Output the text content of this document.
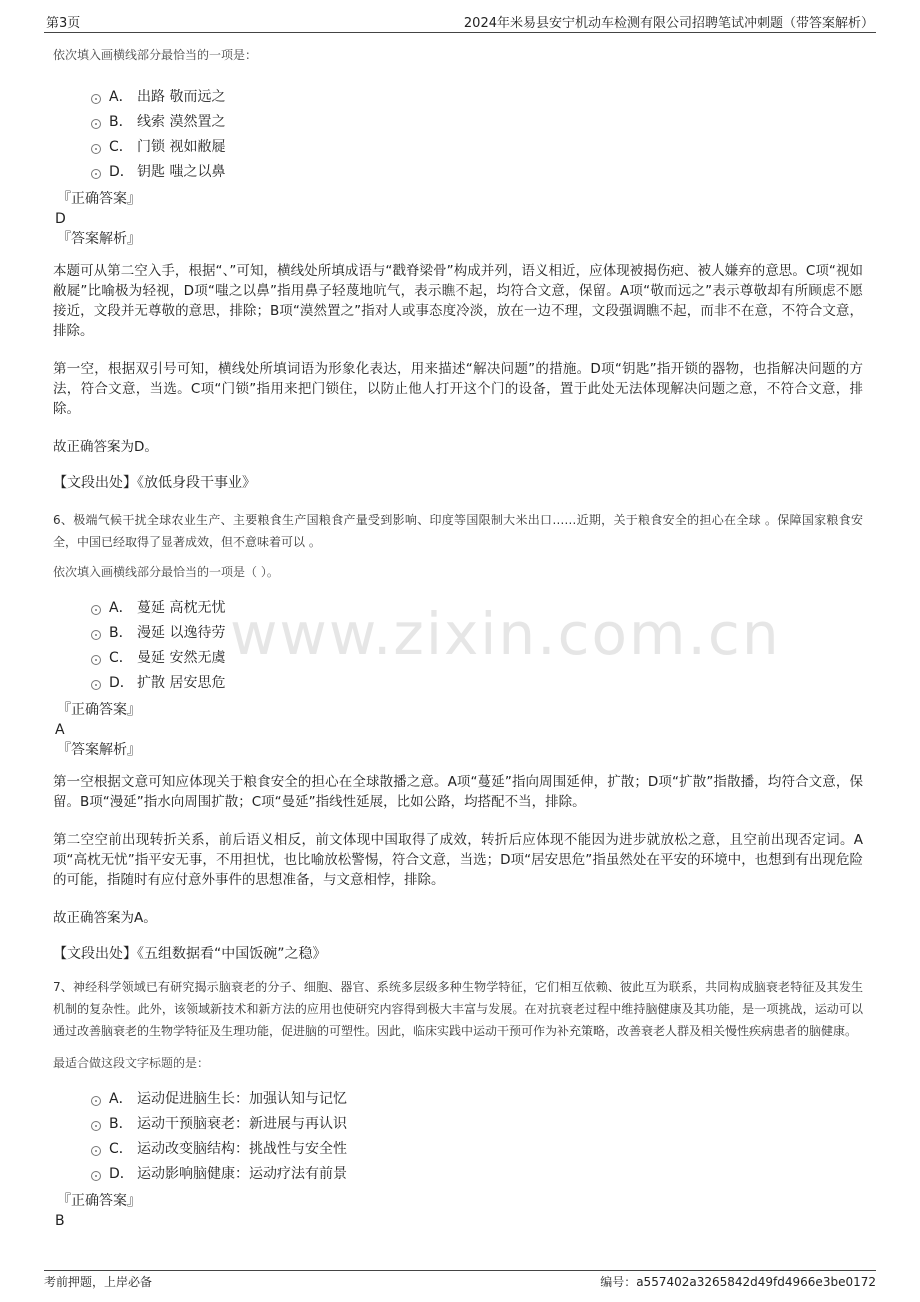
第3页	2024年米易县安宁机动车检测有限公司招聘笔试冲刺题（带答案解析）
www.zixin.com.cn
依次填入画横线部分最恰当的一项是：
A． 出路 敬而远之
B． 线索 漠然置之
C． 门锁 视如敝屣
D． 钥匙 嗤之以鼻
『正确答案』
D
『答案解析』
本题可从第二空入手，根据“、”可知，横线处所填成语与“戳脊梁骨”构成并列，语义相近，应体现被揭伤疤、被人嫌弃的意思。C项“视如敝屣”比喻极为轻视，D项“嗤之以鼻”指用鼻子轻蔑地吭气，表示瞧不起，均符合文意，保留。A项“敬而远之”表示尊敬却有所顾虑不愿接近，文段并无尊敬的意思，排除；B项“漠然置之”指对人或事态度冷淡，放在一边不理，文段强调瞧不起，而非不在意，不符合文意，排除。
第一空，根据双引号可知，横线处所填词语为形象化表达，用来描述“解决问题”的措施。D项“钥匙”指开锁的器物，也指解决问题的方法，符合文意，当选。C项“门锁”指用来把门锁住，以防止他人打开这个门的设备，置于此处无法体现解决问题之意，不符合文意，排除。
故正确答案为D。
【文段出处】《放低身段干事业》
6、极端气候干扰全球农业生产、主要粮食生产国粮食产量受到影响、印度等国限制大米出口……近期，关于粮食安全的担心在全球 。保障国家粮食安全，中国已经取得了显著成效，但不意味着可以 。
依次填入画横线部分最恰当的一项是（ ）。
A． 蔓延 高枕无忧
B． 漫延 以逸待劳
C． 曼延 安然无虞
D． 扩散 居安思危
『正确答案』
A
『答案解析』
第一空根据文意可知应体现关于粮食安全的担心在全球散播之意。A项“蔓延”指向周围延伸，扩散；D项“扩散”指散播，均符合文意，保留。B项“漫延”指水向周围扩散；C项“曼延”指线性延展，比如公路，均搭配不当，排除。
第二空空前出现转折关系，前后语义相反，前文体现中国取得了成效，转折后应体现不能因为进步就放松之意，且空前出现否定词。A项“高枕无忧”指平安无事，不用担忧，也比喻放松警惕，符合文意，当选；D项“居安思危”指虽然处在平安的环境中，也想到有出现危险的可能，指随时有应付意外事件的思想准备，与文意相悖，排除。
故正确答案为A。
【文段出处】《五组数据看“中国饭碗”之稳》
7、神经科学领域已有研究揭示脑衰老的分子、细胞、器官、系统多层级多种生物学特征，它们相互依赖、彼此互为联系，共同构成脑衰老特征及其发生机制的复杂性。此外，该领域新技术和新方法的应用也使研究内容得到极大丰富与发展。在对抗衰老过程中维持脑健康及其功能，是一项挑战，运动可以通过改善脑衰老的生物学特征及生理功能，促进脑的可塑性。因此，临床实践中运动干预可作为补充策略，改善衰老人群及相关慢性疾病患者的脑健康。
最适合做这段文字标题的是：
A． 运动促进脑生长：加强认知与记忆
B． 运动干预脑衰老：新进展与再认识
C． 运动改变脑结构：挑战性与安全性
D． 运动影响脑健康：运动疗法有前景
『正确答案』
B
考前押题，上岸必备	编号：a557402a3265842d49fd4966e3be0172
